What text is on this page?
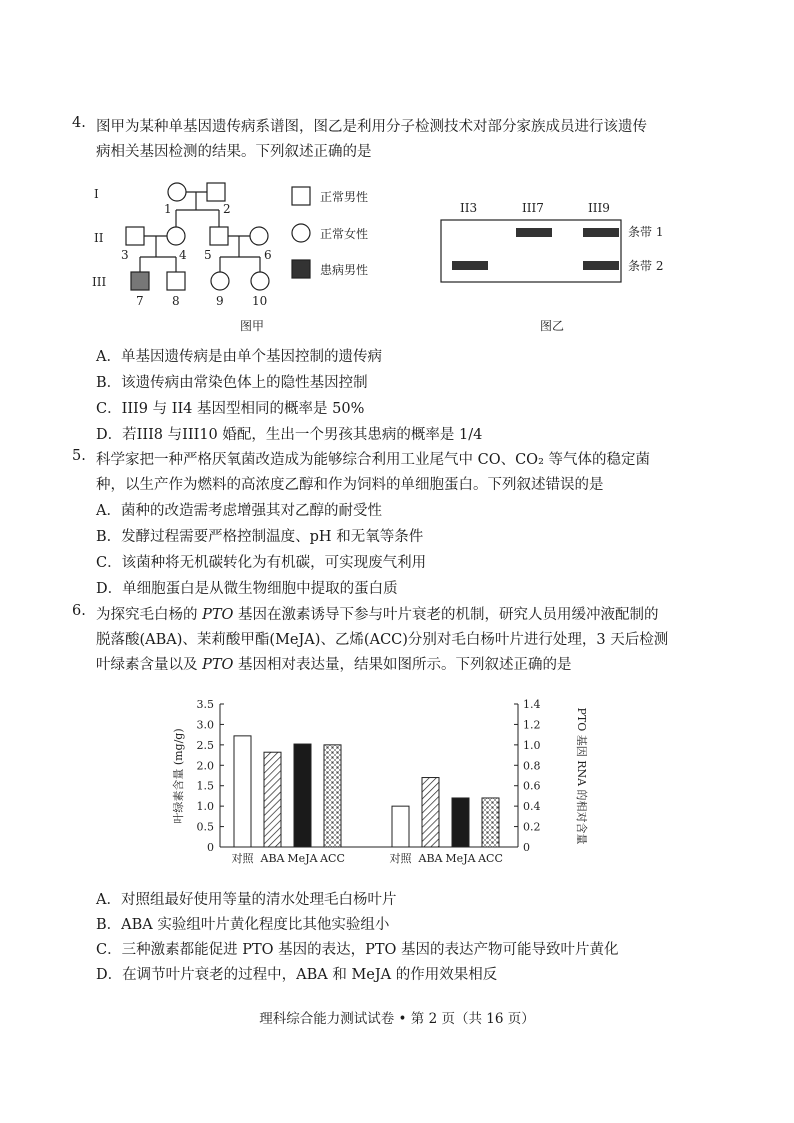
4. 图甲为某种单基因遗传病系谱图，图乙是利用分子检测技术对部分家族成员进行该遗传
病相关基因检测的结果。下列叙述正确的是
I
II
III
1	2
3	4 5	6
7 8	9 10
正常男性
正常女性
患病男性
图甲
II3	III7	III9
条带 1
条带 2
图乙
A．单基因遗传病是由单个基因控制的遗传病
B．该遗传病由常染色体上的隐性基因控制
C．III9 与 II4 基因型相同的概率是 50%
D．若III8 与III10 婚配，生出一个男孩其患病的概率是 1/4
5. 科学家把一种严格厌氧菌改造成为能够综合利用工业尾气中 CO、CO₂ 等气体的稳定菌
种，以生产作为燃料的高浓度乙醇和作为饲料的单细胞蛋白。下列叙述错误的是
A．菌种的改造需考虑增强其对乙醇的耐受性
B．发酵过程需要严格控制温度、pH 和无氧等条件
C．该菌种将无机碳转化为有机碳，可实现废气利用
D．单细胞蛋白是从微生物细胞中提取的蛋白质
6. 为探究毛白杨的 PTO 基因在激素诱导下参与叶片衰老的机制，研究人员用缓冲液配制的
脱落酸(ABA)、茉莉酸甲酯(MeJA)、乙烯(ACC)分别对毛白杨叶片进行处理，3 天后检测
叶绿素含量以及 PTO 基因相对表达量，结果如图所示。下列叙述正确的是
3.5
3.0
2.5
2.0
1.5
1.0
0.5
0
1.4
1.2
1.0
0.8
0.6
0.4
0.2
0
对照 ABA MeJA ACC	对照 ABA MeJA ACC
叶绿素含量 (mg/g)	PTO 基因 RNA 的相对含量
A．对照组最好使用等量的清水处理毛白杨叶片
B．ABA 实验组叶片黄化程度比其他实验组小
C．三种激素都能促进 PTO 基因的表达，PTO 基因的表达产物可能导致叶片黄化
D．在调节叶片衰老的过程中，ABA 和 MeJA 的作用效果相反
理科综合能力测试试卷 • 第 2 页（共 16 页）
